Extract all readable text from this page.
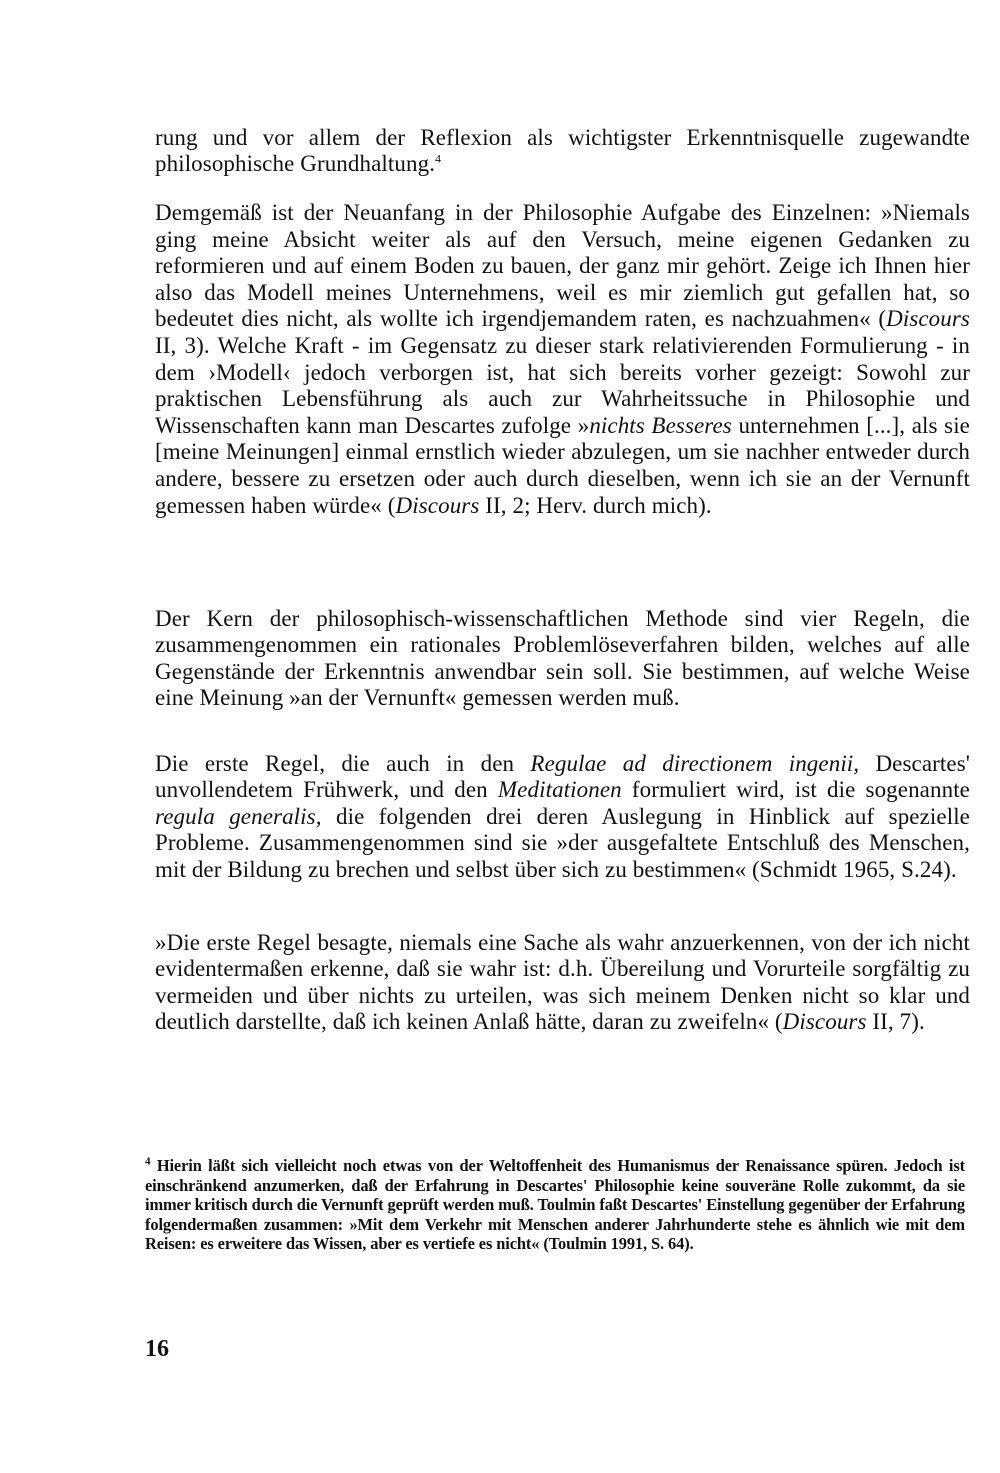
rung und vor allem der Reflexion als wichtigster Erkenntnisquelle zugewandte philosophische Grundhaltung.$^4$
Demgemäß ist der Neuanfang in der Philosophie Aufgabe des Einzelnen: »Niemals ging meine Absicht weiter als auf den Versuch, meine eigenen Gedanken zu reformieren und auf einem Boden zu bauen, der ganz mir gehört. Zeige ich Ihnen hier also das Modell meines Unternehmens, weil es mir ziemlich gut gefallen hat, so bedeutet dies nicht, als wollte ich irgendjemandem raten, es nachzuahmen« (Discours II, 3). Welche Kraft - im Gegensatz zu dieser stark relativierenden Formulierung - in dem ›Modell‹ jedoch verborgen ist, hat sich bereits vorher gezeigt: Sowohl zur praktischen Lebensführung als auch zur Wahrheitssuche in Philosophie und Wissenschaften kann man Descartes zufolge »nichts Besseres unternehmen [...], als sie [meine Meinungen] einmal ernstlich wieder abzulegen, um sie nachher entweder durch andere, bessere zu ersetzen oder auch durch dieselben, wenn ich sie an der Vernunft gemessen haben würde« (Discours II, 2; Herv. durch mich).
Der Kern der philosophisch-wissenschaftlichen Methode sind vier Regeln, die zusammengenommen ein rationales Problemlöseverfahren bilden, welches auf alle Gegenstände der Erkenntnis anwendbar sein soll. Sie bestimmen, auf welche Weise eine Meinung »an der Vernunft« gemessen werden muß.
Die erste Regel, die auch in den Regulae ad directionem ingenii, Descartes' unvollendetem Frühwerk, und den Meditationen formuliert wird, ist die sogenannte regula generalis, die folgenden drei deren Auslegung in Hinblick auf spezielle Probleme. Zusammengenommen sind sie »der ausgefaltete Entschluß des Menschen, mit der Bildung zu brechen und selbst über sich zu bestimmen« (Schmidt 1965, S.24).
»Die erste Regel besagte, niemals eine Sache als wahr anzuerkennen, von der ich nicht evidentermaßen erkenne, daß sie wahr ist: d.h. Übereilung und Vorurteile sorgfältig zu vermeiden und über nichts zu urteilen, was sich meinem Denken nicht so klar und deutlich darstellte, daß ich keinen Anlaß hätte, daran zu zweifeln« (Discours II, 7).
$^4$ Hierin läßt sich vielleicht noch etwas von der Weltoffenheit des Humanismus der Renaissance spüren. Jedoch ist einschränkend anzumerken, daß der Erfahrung in Descartes' Philosophie keine souveräne Rolle zukommt, da sie immer kritisch durch die Vernunft geprüft werden muß. Toulmin faßt Descartes' Einstellung gegenüber der Erfahrung folgendermaßen zusammen: »Mit dem Verkehr mit Menschen anderer Jahrhunderte stehe es ähnlich wie mit dem Reisen: es erweitere das Wissen, aber es vertiefe es nicht« (Toulmin 1991, S. 64).
16
